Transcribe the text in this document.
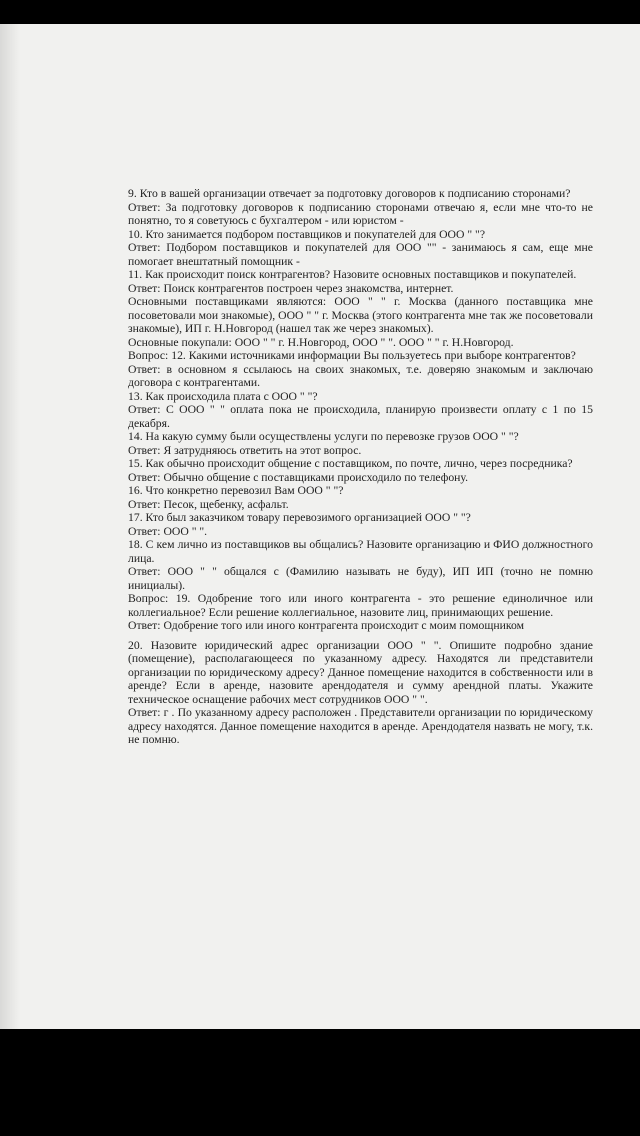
9. Кто в вашей организации отвечает за подготовку договоров к подписанию сторонами?

Ответ: За подготовку договоров к подписанию сторонами отвечаю я, если мне что-то не понятно, то я советуюсь с бухгалтером - или юристом -

10. Кто занимается подбором поставщиков и покупателей для ООО " "?

Ответ: Подбором поставщиков и покупателей для ООО "" - занимаюсь я сам, еще мне помогает внештатный помощник -

11. Как происходит поиск контрагентов? Назовите основных поставщиков и покупателей.

Ответ: Поиск контрагентов построен через знакомства, интернет.

Основными поставщиками являются: ООО " " г. Москва (данного поставщика мне посоветовали мои знакомые), ООО " " г. Москва (этого контрагента мне так же посоветовали знакомые), ИП г. Н.Новгород (нашел так же через знакомых).

Основные покупали: ООО " " г. Н.Новгород, ООО " ". ООО " " г. Н.Новгород.

Вопрос: 12. Какими источниками информации Вы пользуетесь при выборе контрагентов?

Ответ: в основном я ссылаюсь на своих знакомых, т.е. доверяю знакомым и заключаю договора с контрагентами.

13. Как происходила плата с ООО " "?

Ответ: С ООО " " оплата пока не происходила, планирую произвести оплату с 1 по 15 декабря.

14. На какую сумму были осуществлены услуги по перевозке грузов ООО " "?

Ответ: Я затрудняюсь ответить на этот вопрос.

15. Как обычно происходит общение с поставщиком, по почте, лично, через посредника?

Ответ: Обычно общение с поставщиками происходило по телефону.

16. Что конкретно перевозил Вам ООО " "?

Ответ: Песок, щебенку, асфальт.

17. Кто был заказчиком товару перевозимого организацией ООО " "?

Ответ: ООО " ".

18. С кем лично из поставщиков вы общались? Назовите организацию и ФИО должностного лица.

Ответ: ООО " " общался с (Фамилию называть не буду), ИП ИП (точно не помню инициалы).

Вопрос: 19. Одобрение того или иного контрагента - это решение единоличное или коллегиальное? Если решение коллегиальное, назовите лиц, принимающих решение.

Ответ: Одобрение того или иного контрагента происходит с моим помощником

20. Назовите юридический адрес организации ООО " ". Опишите подробно здание (помещение), располагающееся по указанному адресу. Находятся ли представители организации по юридическому адресу? Данное помещение находится в собственности или в аренде? Если в аренде, назовите арендодателя и сумму арендной платы. Укажите техническое оснащение рабочих мест сотрудников ООО " ".

Ответ: г . По указанному адресу расположен . Представители организации по юридическому адресу находятся. Данное помещение находится в аренде. Арендодателя назвать не могу, т.к. не помню.
